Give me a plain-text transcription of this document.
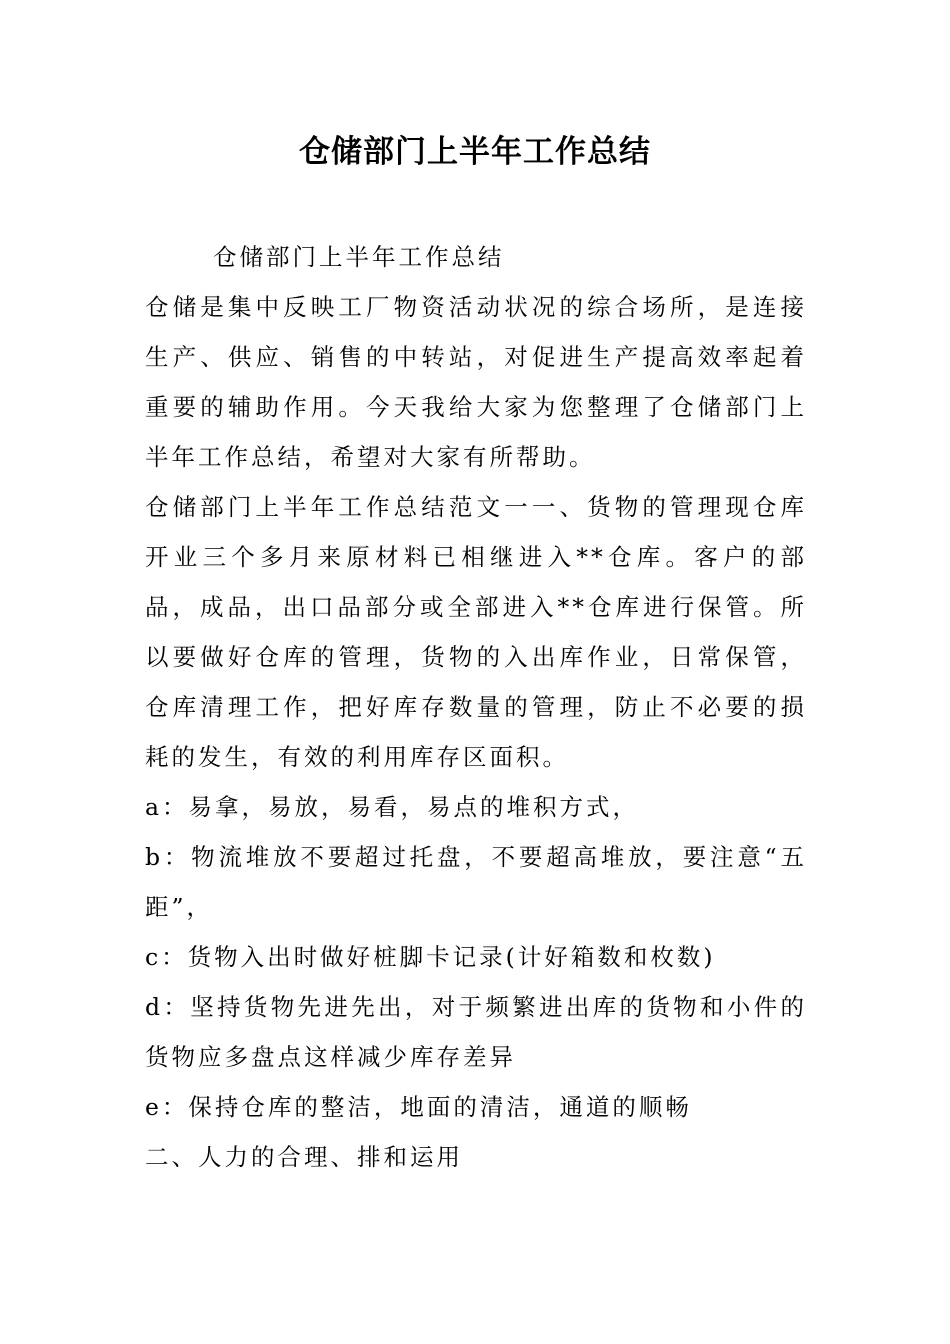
仓储部门上半年工作总结

仓储部门上半年工作总结

仓储是集中反映工厂物资活动状况的综合场所，是连接生产、供应、销售的中转站，对促进生产提高效率起着重要的辅助作用。今天我给大家为您整理了仓储部门上半年工作总结，希望对大家有所帮助。

仓储部门上半年工作总结范文一一、货物的管理现仓库开业三个多月来原材料已相继进入**仓库。客户的部品，成品，出口品部分或全部进入**仓库进行保管。所以要做好仓库的管理，货物的入出库作业，日常保管，仓库清理工作，把好库存数量的管理，防止不必要的损耗的发生，有效的利用库存区面积。

a：易拿，易放，易看，易点的堆积方式，

b：物流堆放不要超过托盘，不要超高堆放，要注意“五距”，

c：货物入出时做好桩脚卡记录(计好箱数和枚数)

d：坚持货物先进先出，对于频繁进出库的货物和小件的货物应多盘点这样减少库存差异

e：保持仓库的整洁，地面的清洁，通道的顺畅

二、人力的合理、排和运用
